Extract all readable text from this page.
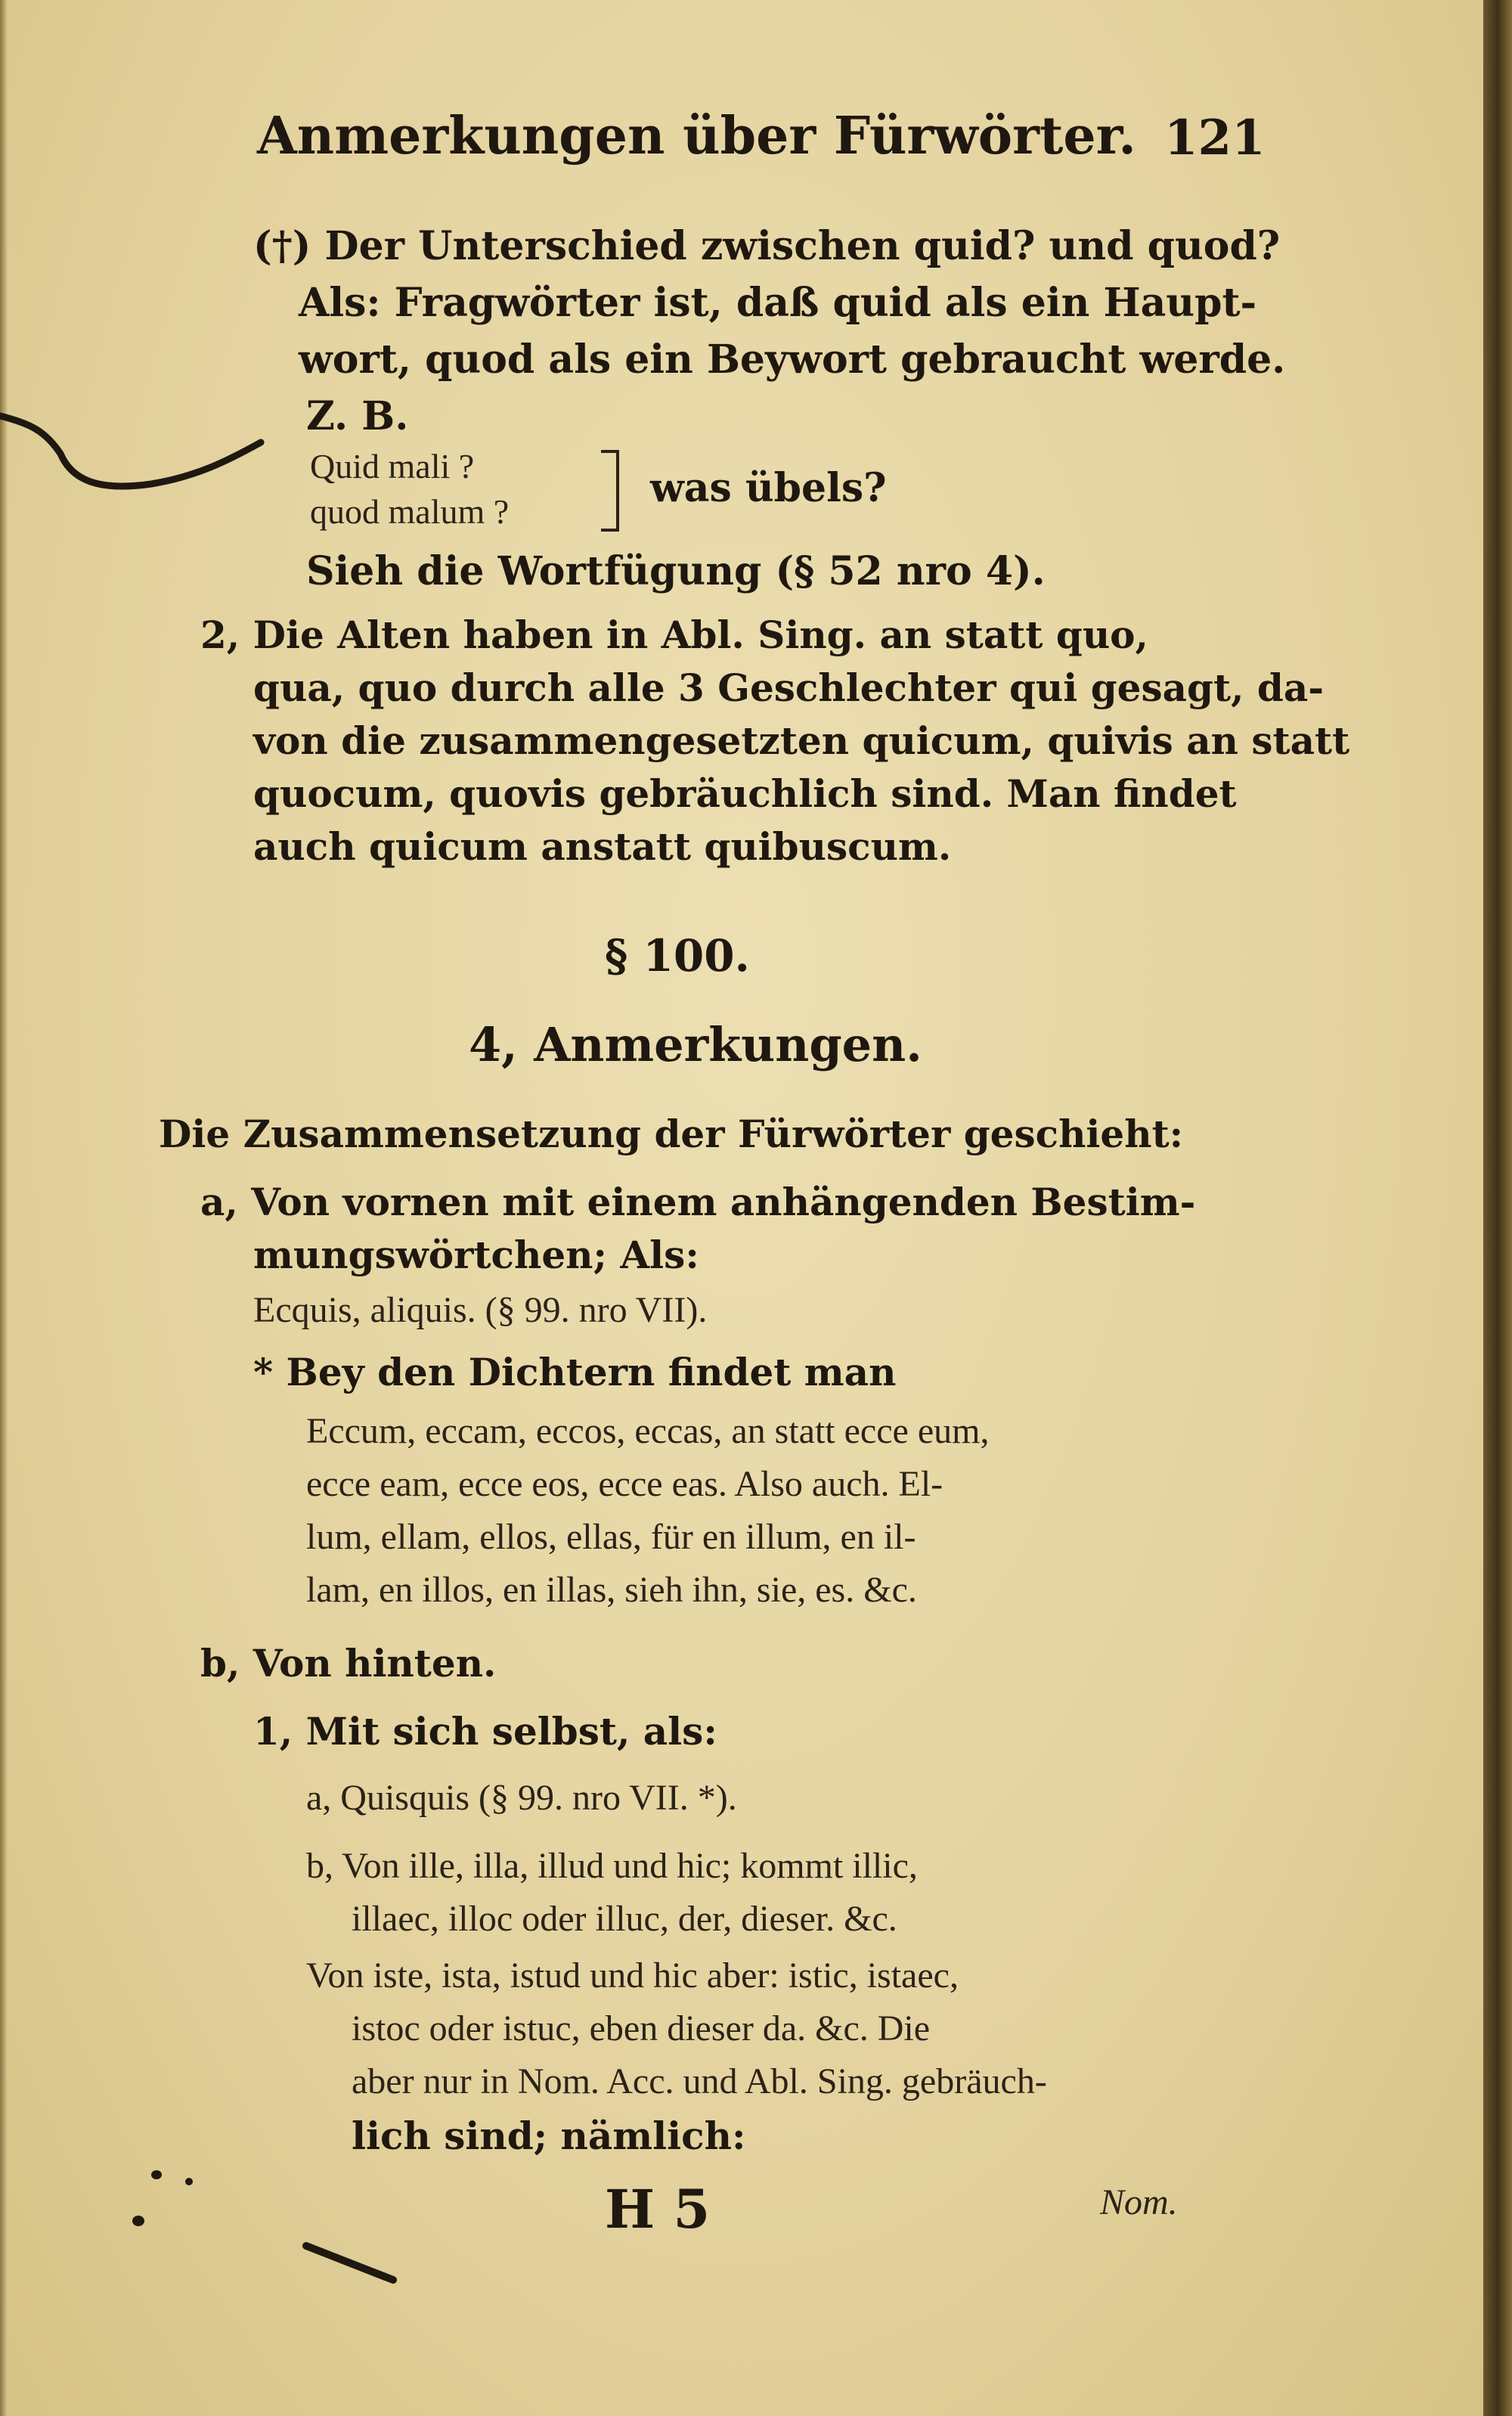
Anmerkungen über Fürwörter. 121
(†) Der Unterschied zwischen quid? und quod?
Als: Fragwörter ist, daß quid als ein Haupt-
wort, quod als ein Beywort gebraucht werde.
Z. B.
Quid mali ?
quod malum ?
was übels?
Sieh die Wortfügung (§ 52 nro 4).
2, Die Alten haben in Abl. Sing. an statt quo,
qua, quo durch alle 3 Geschlechter qui gesagt, da-
von die zusammengesetzten quicum, quivis an statt
quocum, quovis gebräuchlich sind. Man findet
auch quicum anstatt quibuscum.
§ 100.
4, Anmerkungen.
Die Zusammensetzung der Fürwörter geschieht:
a, Von vornen mit einem anhängenden Bestim-
mungswörtchen; Als:
Ecquis, aliquis. (§ 99. nro VII).
* Bey den Dichtern findet man
Eccum, eccam, eccos, eccas, an statt ecce eum,
ecce eam, ecce eos, ecce eas. Also auch. El-
lum, ellam, ellos, ellas, für en illum, en il-
lam, en illos, en illas, sieh ihn, sie, es. &c.
b, Von hinten.
1, Mit sich selbst, als:
a, Quisquis (§ 99. nro VII. *).
b, Von ille, illa, illud und hic; kommt illic,
illaec, illoc oder illuc, der, dieser. &c.
Von iste, ista, istud und hic aber: istic, istaec,
istoc oder istuc, eben dieser da. &c. Die
aber nur in Nom. Acc. und Abl. Sing. gebräuch-
lich sind; nämlich:
H 5	Nom.
